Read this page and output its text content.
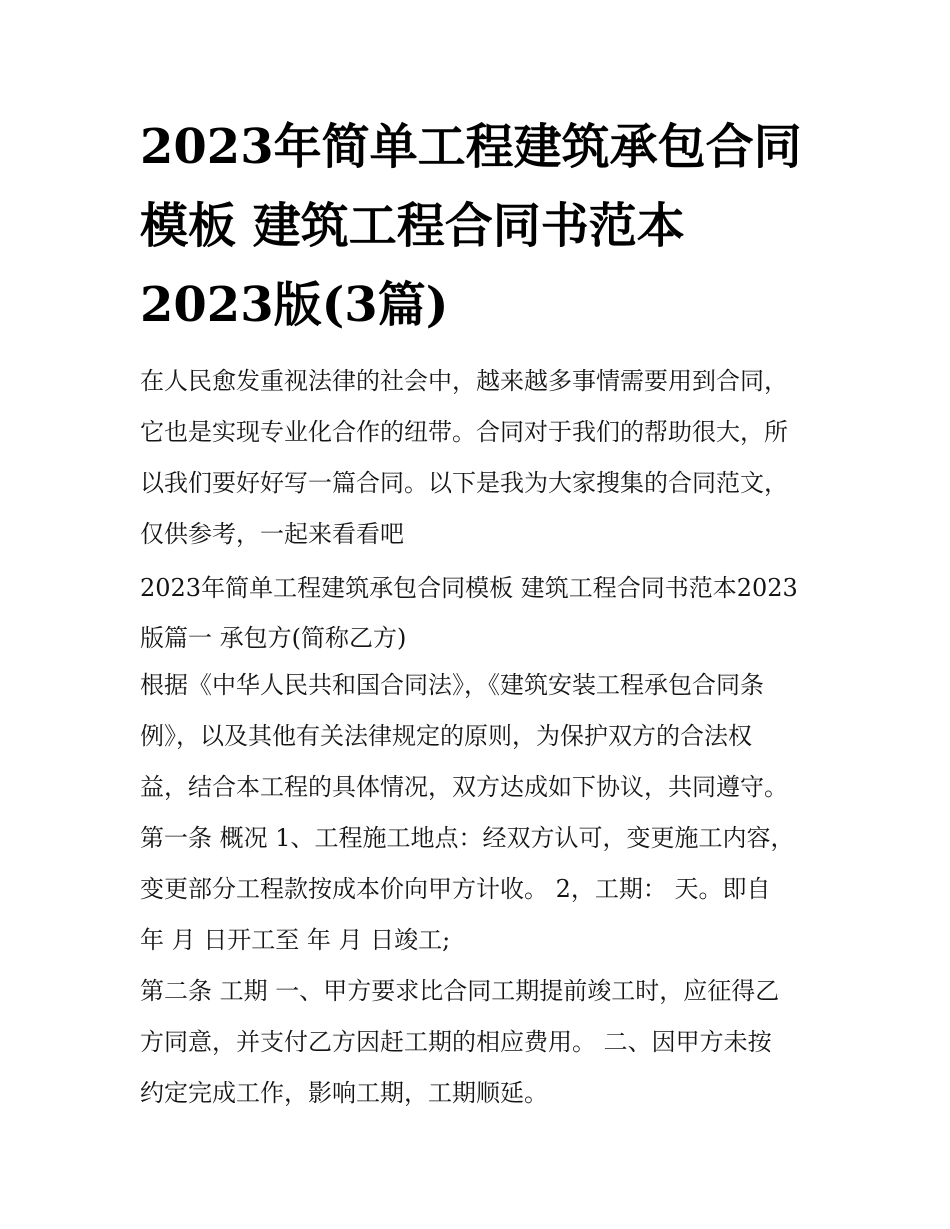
2023年简单工程建筑承包合同
模板 建筑工程合同书范本
2023版(3篇)

在人民愈发重视法律的社会中，越来越多事情需要用到合同，
它也是实现专业化合作的纽带。合同对于我们的帮助很大，所
以我们要好好写一篇合同。以下是我为大家搜集的合同范文，
仅供参考，一起来看看吧

2023年简单工程建筑承包合同模板 建筑工程合同书范本2023
版篇一 承包方(简称乙方)

根据《中华人民共和国合同法》，《建筑安装工程承包合同条
例》，以及其他有关法律规定的原则，为保护双方的合法权
益，结合本工程的具体情况，双方达成如下协议，共同遵守。

第一条 概况 1、工程施工地点：经双方认可，变更施工内容，
变更部分工程款按成本价向甲方计收。 2，工期： 天。即自
年 月 日开工至 年 月 日竣工;

第二条 工期 一、甲方要求比合同工期提前竣工时，应征得乙
方同意，并支付乙方因赶工期的相应费用。 二、因甲方未按
约定完成工作，影响工期，工期顺延。
